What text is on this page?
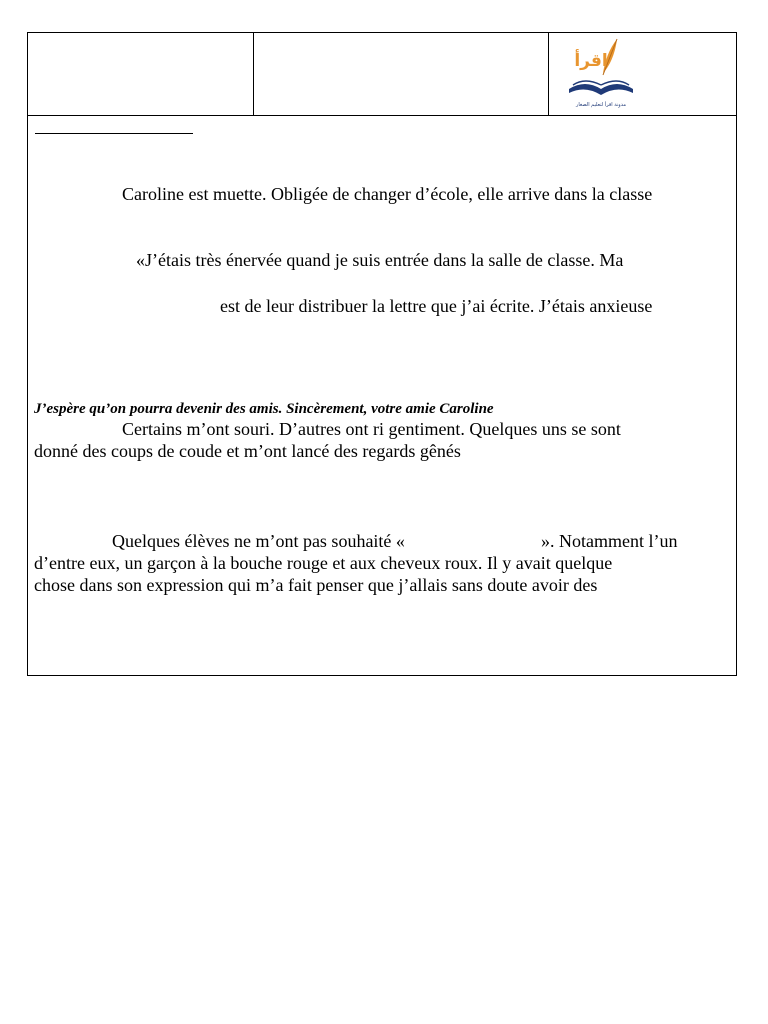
اقرأ
مدونة اقرأ لتعليم الصغار
Caroline est muette. Obligée de changer d’école, elle arrive dans la classe
«J’étais très énervée quand je suis entrée dans la salle de classe. Ma
est de leur distribuer la lettre que j’ai écrite. J’étais anxieuse
J’espère qu’on pourra devenir des amis. Sincèrement, votre amie Caroline
Certains m’ont souri. D’autres ont ri gentiment. Quelques uns se sont
donné des coups de coude et m’ont lancé des regards gênés
Quelques élèves ne m’ont pas souhaité «	». Notamment l’un
d’entre eux, un garçon à la bouche rouge et aux cheveux roux. Il y avait quelque
chose dans son expression qui m’a fait penser que j’allais sans doute avoir des
